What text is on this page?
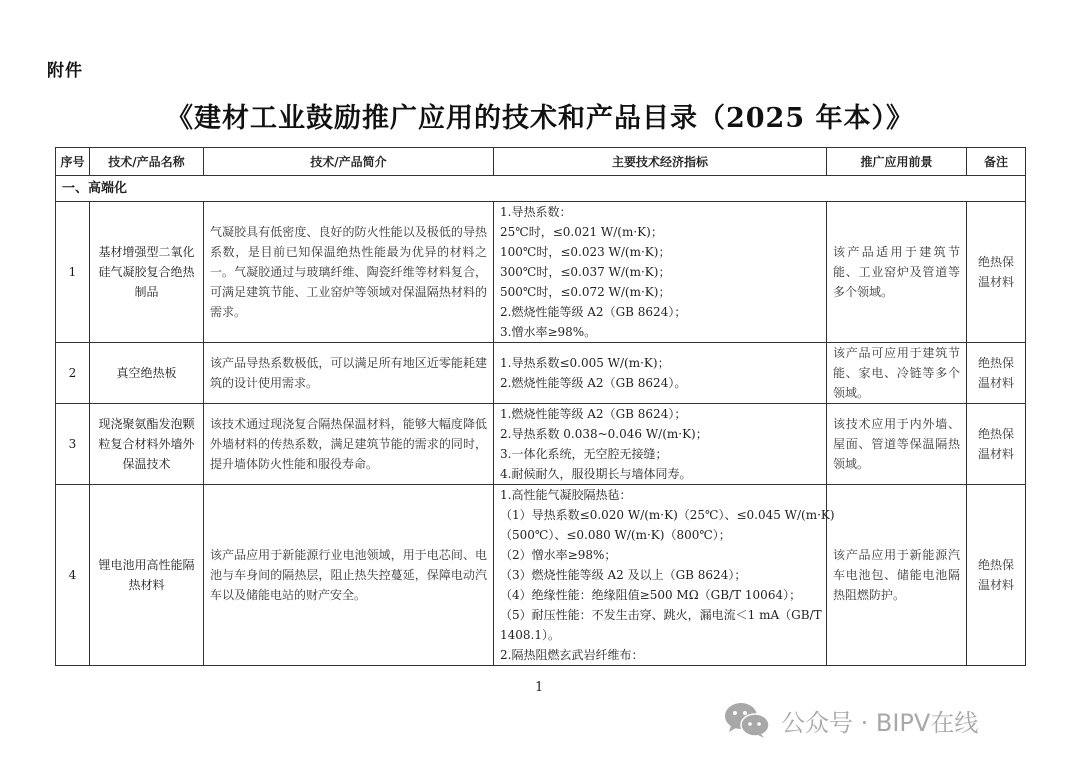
附件
《建材工业鼓励推广应用的技术和产品目录（2025 年本）》
序号	技术/产品名称	技术/产品简介	主要技术经济指标	推广应用前景	备注
一、高端化					
1	基材增强型二氧化硅气凝胶复合绝热制品	气凝胶具有低密度、良好的防火性能以及极低的导热系数，是目前已知保温绝热性能最为优异的材料之一。气凝胶通过与玻璃纤维、陶瓷纤维等材料复合，可满足建筑节能、工业窑炉等领域对保温隔热材料的需求。	
1.导热系数：
25℃时，≤0.021 W/(m·K)；
100℃时，≤0.023 W/(m·K)；
300℃时，≤0.037 W/(m·K)；
500℃时，≤0.072 W/(m·K)；
2.燃烧性能等级 A2（GB 8624）；
3.憎水率≥98%。
	该产品适用于建筑节能、工业窑炉及管道等多个领域。	绝热保温材料
2	真空绝热板	该产品导热系数极低，可以满足所有地区近零能耗建筑的设计使用需求。	1.导热系数≤0.005 W/(m·K)；
2.燃烧性能等级 A2（GB 8624）。	该产品可应用于建筑节能、家电、冷链等多个领域。	绝热保温材料
3	现浇聚氨酯发泡颗粒复合材料外墙外保温技术	该技术通过现浇复合隔热保温材料，能够大幅度降低外墙材料的传热系数，满足建筑节能的需求的同时，提升墙体防火性能和服役寿命。	1.燃烧性能等级 A2（GB 8624）；
2.导热系数 0.038~0.046 W/(m·K)；
3.一体化系统，无空腔无接缝；
4.耐候耐久，服役期长与墙体同寿。	该技术应用于内外墙、屋面、管道等保温隔热领域。	绝热保温材料
4	锂电池用高性能隔热材料	该产品应用于新能源行业电池领域，用于电芯间、电池与车身间的隔热层，阻止热失控蔓延，保障电动汽车以及储能电站的财产安全。	
1.高性能气凝胶隔热毡：
（1）导热系数≤0.020 W/(m·K)（25℃）、≤0.045 W/(m·K)
（500℃）、≤0.080 W/(m·K)（800℃）；
（2）憎水率≥98%；
（3）燃烧性能等级 A2 及以上（GB 8624）；
（4）绝缘性能：绝缘阻值≥500 MΩ（GB/T 10064）；
（5）耐压性能：不发生击穿、跳火，漏电流＜1 mA（GB/T
1408.1）。
2.隔热阻燃玄武岩纤维布：
	该产品应用于新能源汽车电池包、储能电池隔热阻燃防护。	绝热保温材料
1
公众号 · BIPV在线
